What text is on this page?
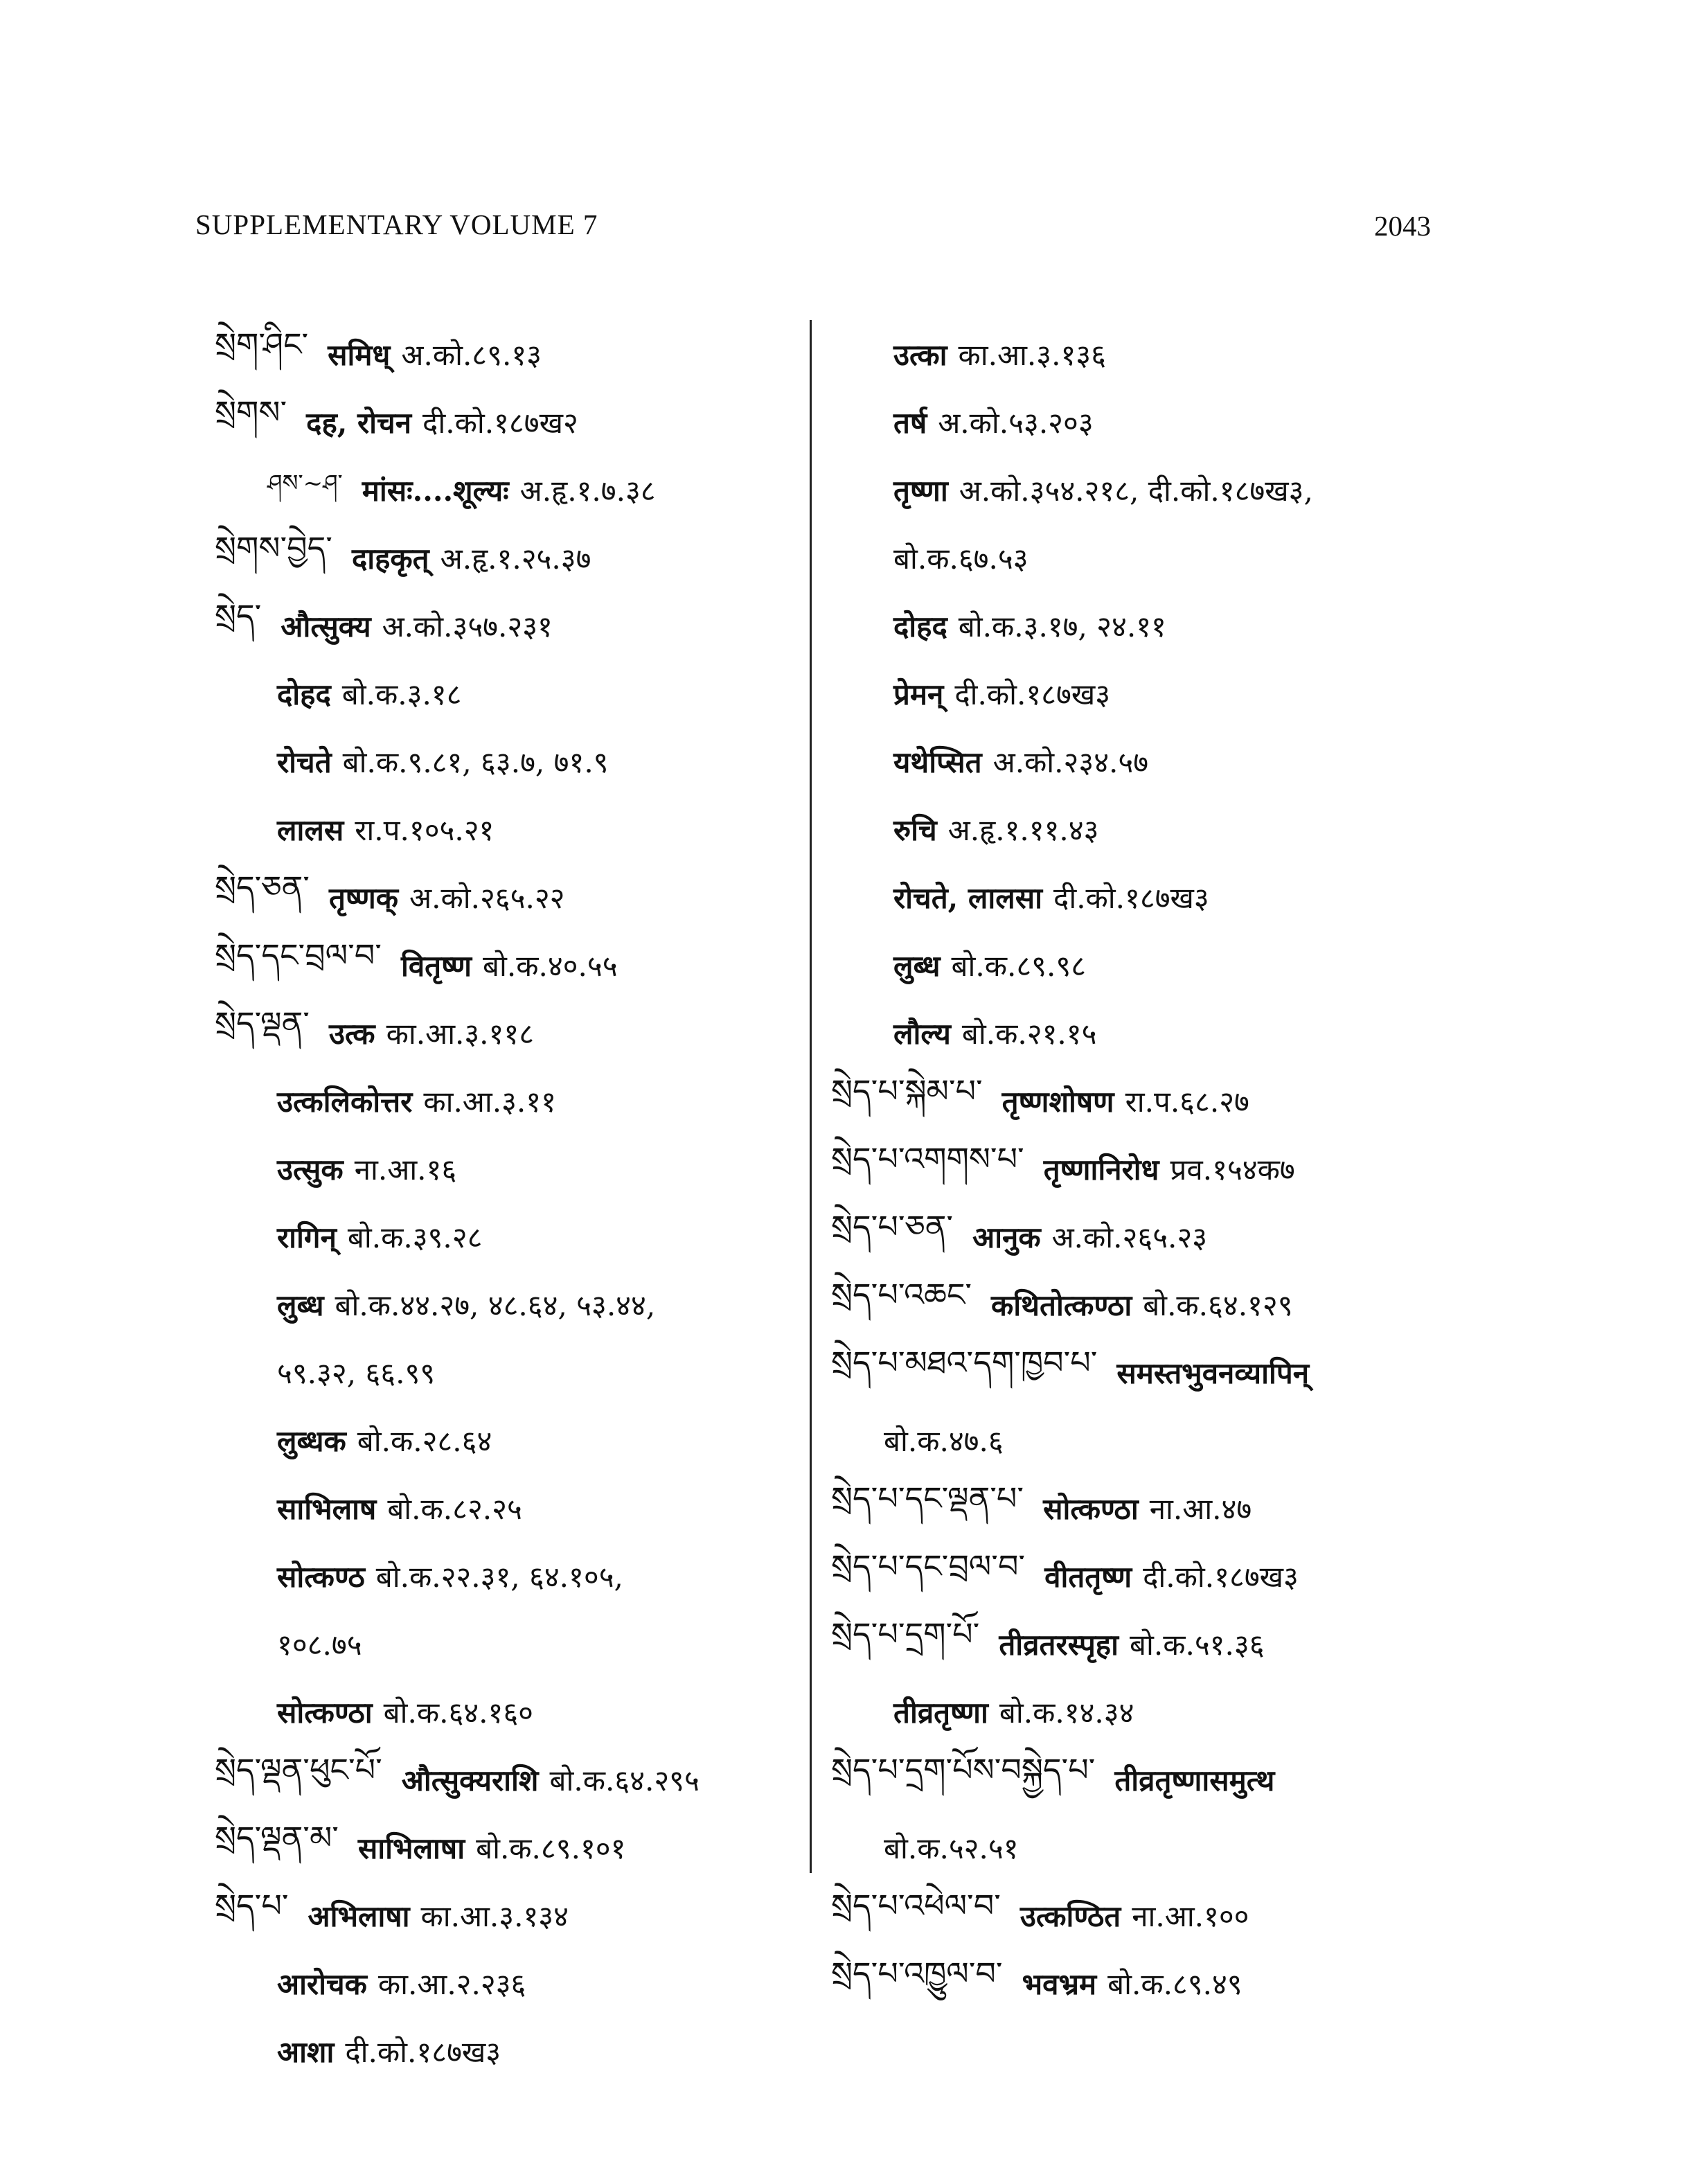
SUPPLEMENTARY VOLUME 7	2043
སྲེག་ཤིང་ समिध् अ.को.८९.१३
སྲེགས་ दह, रोचन दी.को.१८७ख२
ཤས་~ཤ་ मांसः....शूल्यः अ.हृ.१.७.३८
སྲེགས་བྱེད་ दाहकृत् अ.हृ.१.२५.३७
སྲེད་ औत्सुक्य अ.को.३५७.२३१
दोहद बो.क.३.१८
रोचते बो.क.९.८१, ६३.७, ७१.९
लालस रा.प.१०५.२१
སྲེད་ཅན་ तृष्णक् अ.को.२६५.२२
སྲེད་དང་བྲལ་བ་ वितृष्ण बो.क.४०.५५
སྲེད་ལྡན་ उत्क का.आ.३.११८
उत्कलिकोत्तर का.आ.३.११
उत्सुक ना.आ.१६
रागिन् बो.क.३९.२८
लुब्ध बो.क.४४.२७, ४८.६४, ५३.४४,
५९.३२, ६६.९९
लुब्धक बो.क.२८.६४
साभिलाष बो.क.८२.२५
सोत्कण्ठ बो.क.२२.३१, ६४.१०५,
१०८.७५
सोत्कण्ठा बो.क.६४.१६०
སྲེད་ལྡན་ཕུང་པོ་ औत्सुक्यराशि बो.क.६४.२९५
སྲེད་ལྡན་མ་ साभिलाषा बो.क.८९.१०१
སྲེད་པ་ अभिलाषा का.आ.३.१३४
आरोचक का.आ.२.२३६
आशा दी.को.१८७ख३
उत्का का.आ.३.१३६
तर्ष अ.को.५३.२०३
तृष्णा अ.को.३५४.२१८, दी.को.१८७ख३,
बो.क.६७.५३
दोहद बो.क.३.१७, २४.११
प्रेमन् दी.को.१८७ख३
यथेप्सित अ.को.२३४.५७
रुचि अ.हृ.१.११.४३
रोचते, लालसा दी.को.१८७ख३
लुब्ध बो.क.८९.९८
लौल्य बो.क.२१.१५
སྲེད་པ་སྐེམ་པ་ तृष्णशोषण रा.प.६८.२७
སྲེད་པ་འགགས་པ་ तृष्णानिरोध प्रव.१५४क७
སྲེད་པ་ཅན་ आनुक अ.को.२६५.२३
སྲེད་པ་འཆང་ कथितोत्कण्ठा बो.क.६४.१२९
སྲེད་པ་མཐའ་དག་ཁྱབ་པ་ समस्तभुवनव्यापिन्
बो.क.४७.६
སྲེད་པ་དང་ལྡན་པ་ सोत्कण्ठा ना.आ.४७
སྲེད་པ་དང་བྲལ་བ་ वीततृष्ण दी.को.१८७ख३
སྲེད་པ་དྲག་པོ་ तीव्रतरस्पृहा बो.क.५१.३६
तीव्रतृष्णा बो.क.१४.३४
སྲེད་པ་དྲག་པོས་བསྐྱེད་པ་ तीव्रतृष्णासमुत्थ
बो.क.५२.५१
སྲེད་པ་འཕེལ་བ་ उत्कण्ठित ना.आ.१००
སྲེད་པ་འཁྱུལ་བ་ भवभ्रम बो.क.८९.४९
